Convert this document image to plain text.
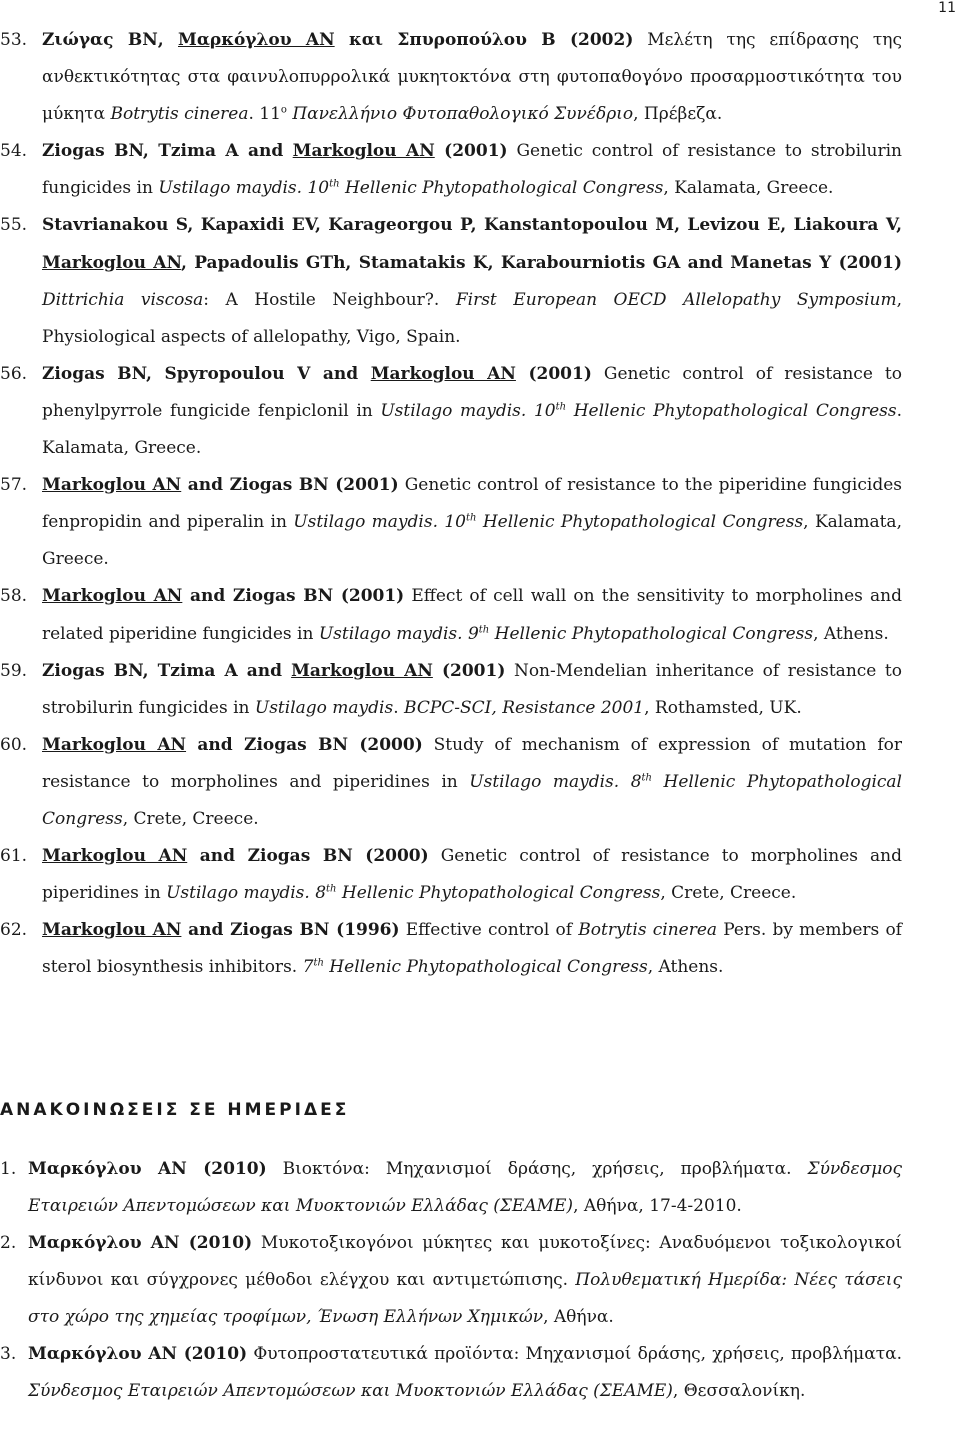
11

53. Ζιώγας ΒΝ, Μαρκόγλου ΑΝ και Σπυροπούλου Β (2002) Μελέτη της επίδρασης της ανθεκτικότητας στα φαινυλοπυρρολικά μυκητοκτόνα στη φυτοπαθογόνο προσαρμοστικότητα του μύκητα Botrytis cinerea. $11^o$ Πανελλήνιο Φυτοπαθολογικό Συνέδριο, Πρέβεζα.

54. Ziogas BN, Tzima A and Markoglou AN (2001) Genetic control of resistance to strobilurin fungicides in Ustilago maydis. 10th Hellenic Phytopathological Congress, Kalamata, Greece.

55. Stavrianakou S, Kapaxidi EV, Karageorgou P, Kanstantopoulou M, Levizou E, Liakoura V, Markoglou AN, Papadoulis GTh, Stamatakis K, Karabourniotis GA and Manetas Y (2001) Dittrichia viscosa: A Hostile Neighbour?. First European OECD Allelopathy Symposium, Physiological aspects of allelopathy, Vigo, Spain.

56. Ziogas BN, Spyropoulou V and Markoglou AN (2001) Genetic control of resistance to phenylpyrrole fungicide fenpiclonil in Ustilago maydis. 10th Hellenic Phytopathological Congress. Kalamata, Greece.

57. Markoglou AN and Ziogas BN (2001) Genetic control of resistance to the piperidine fungicides fenpropidin and piperalin in Ustilago maydis. 10th Hellenic Phytopathological Congress, Kalamata, Greece.

58. Markoglou AN and Ziogas BN (2001) Effect of cell wall on the sensitivity to morpholines and related piperidine fungicides in Ustilago maydis. 9th Hellenic Phytopathological Congress, Athens.

59. Ziogas BN, Tzima A and Markoglou AN (2001) Non-Mendelian inheritance of resistance to strobilurin fungicides in Ustilago maydis. BCPC-SCI, Resistance 2001, Rothamsted, UK.

60. Markoglou AN and Ziogas BN (2000) Study of mechanism of expression of mutation for resistance to morpholines and piperidines in Ustilago maydis. 8th Hellenic Phytopathological Congress, Crete, Creece.

61. Markoglou AN and Ziogas BN (2000) Genetic control of resistance to morpholines and piperidines in Ustilago maydis. 8th Hellenic Phytopathological Congress, Crete, Creece.

62. Markoglou AN and Ziogas BN (1996) Effective control of Botrytis cinerea Pers. by members of sterol biosynthesis inhibitors. 7th Hellenic Phytopathological Congress, Athens.

ΑΝΑΚΟΙΝΩΣΕΙΣ ΣΕ ΗΜΕΡΙΔΕΣ

1. Μαρκόγλου ΑΝ (2010) Βιοκτόνα: Μηχανισμοί δράσης, χρήσεις, προβλήματα. Σύνδεσμος Εταιρειών Απεντομώσεων και Μυοκτονιών Ελλάδας (ΣΕΑΜΕ), Αθήνα, 17-4-2010.

2. Μαρκόγλου ΑΝ (2010) Μυκοτοξικογόνοι μύκητες και μυκοτοξίνες: Αναδυόμενοι τοξικολογικοί κίνδυνοι και σύγχρονες μέθοδοι ελέγχου και αντιμετώπισης. Πολυθεματική Ημερίδα: Νέες τάσεις στο χώρο της χημείας τροφίμων, Ένωση Ελλήνων Χημικών, Αθήνα.

3. Μαρκόγλου ΑΝ (2010) Φυτοπροστατευτικά προϊόντα: Μηχανισμοί δράσης, χρήσεις, προβλήματα. Σύνδεσμος Εταιρειών Απεντομώσεων και Μυοκτονιών Ελλάδας (ΣΕΑΜΕ), Θεσσαλονίκη.
